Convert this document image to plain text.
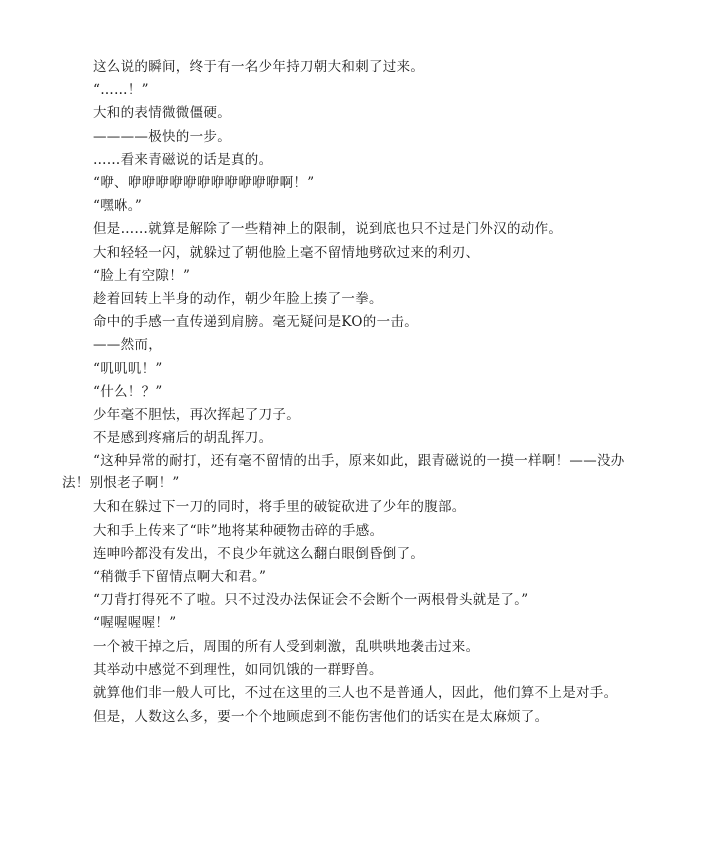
这么说的瞬间，终于有一名少年持刀朝大和刺了过来。

“……！”

大和的表情微微僵硬。

————极快的一步。

……看来青磁说的话是真的。

“咿、咿咿咿咿咿咿咿咿咿咿咿啊！”

“嘿咻。”

但是……就算是解除了一些精神上的限制，说到底也只不过是门外汉的动作。

大和轻轻一闪，就躲过了朝他脸上毫不留情地劈砍过来的利刃、

“脸上有空隙！”

趁着回转上半身的动作，朝少年脸上揍了一拳。

命中的手感一直传递到肩膀。毫无疑问是KO的一击。

——然而，

“叽叽叽！”

“什么！？”

少年毫不胆怯，再次挥起了刀子。

不是感到疼痛后的胡乱挥刀。

“这种异常的耐打，还有毫不留情的出手，原来如此，跟青磁说的一摸一样啊！——没办法！别恨老子啊！”

大和在躲过下一刀的同时，将手里的破锭砍进了少年的腹部。

大和手上传来了“咔”地将某种硬物击碎的手感。

连呻吟都没有发出，不良少年就这么翻白眼倒昏倒了。

“稍微手下留情点啊大和君。”

“刀背打得死不了啦。只不过没办法保证会不会断个一两根骨头就是了。”

“喔喔喔喔！”

一个被干掉之后，周围的所有人受到刺激，乱哄哄地袭击过来。

其举动中感觉不到理性，如同饥饿的一群野兽。

就算他们非一般人可比，不过在这里的三人也不是普通人，因此，他们算不上是对手。

但是，人数这么多，要一个个地顾虑到不能伤害他们的话实在是太麻烦了。
